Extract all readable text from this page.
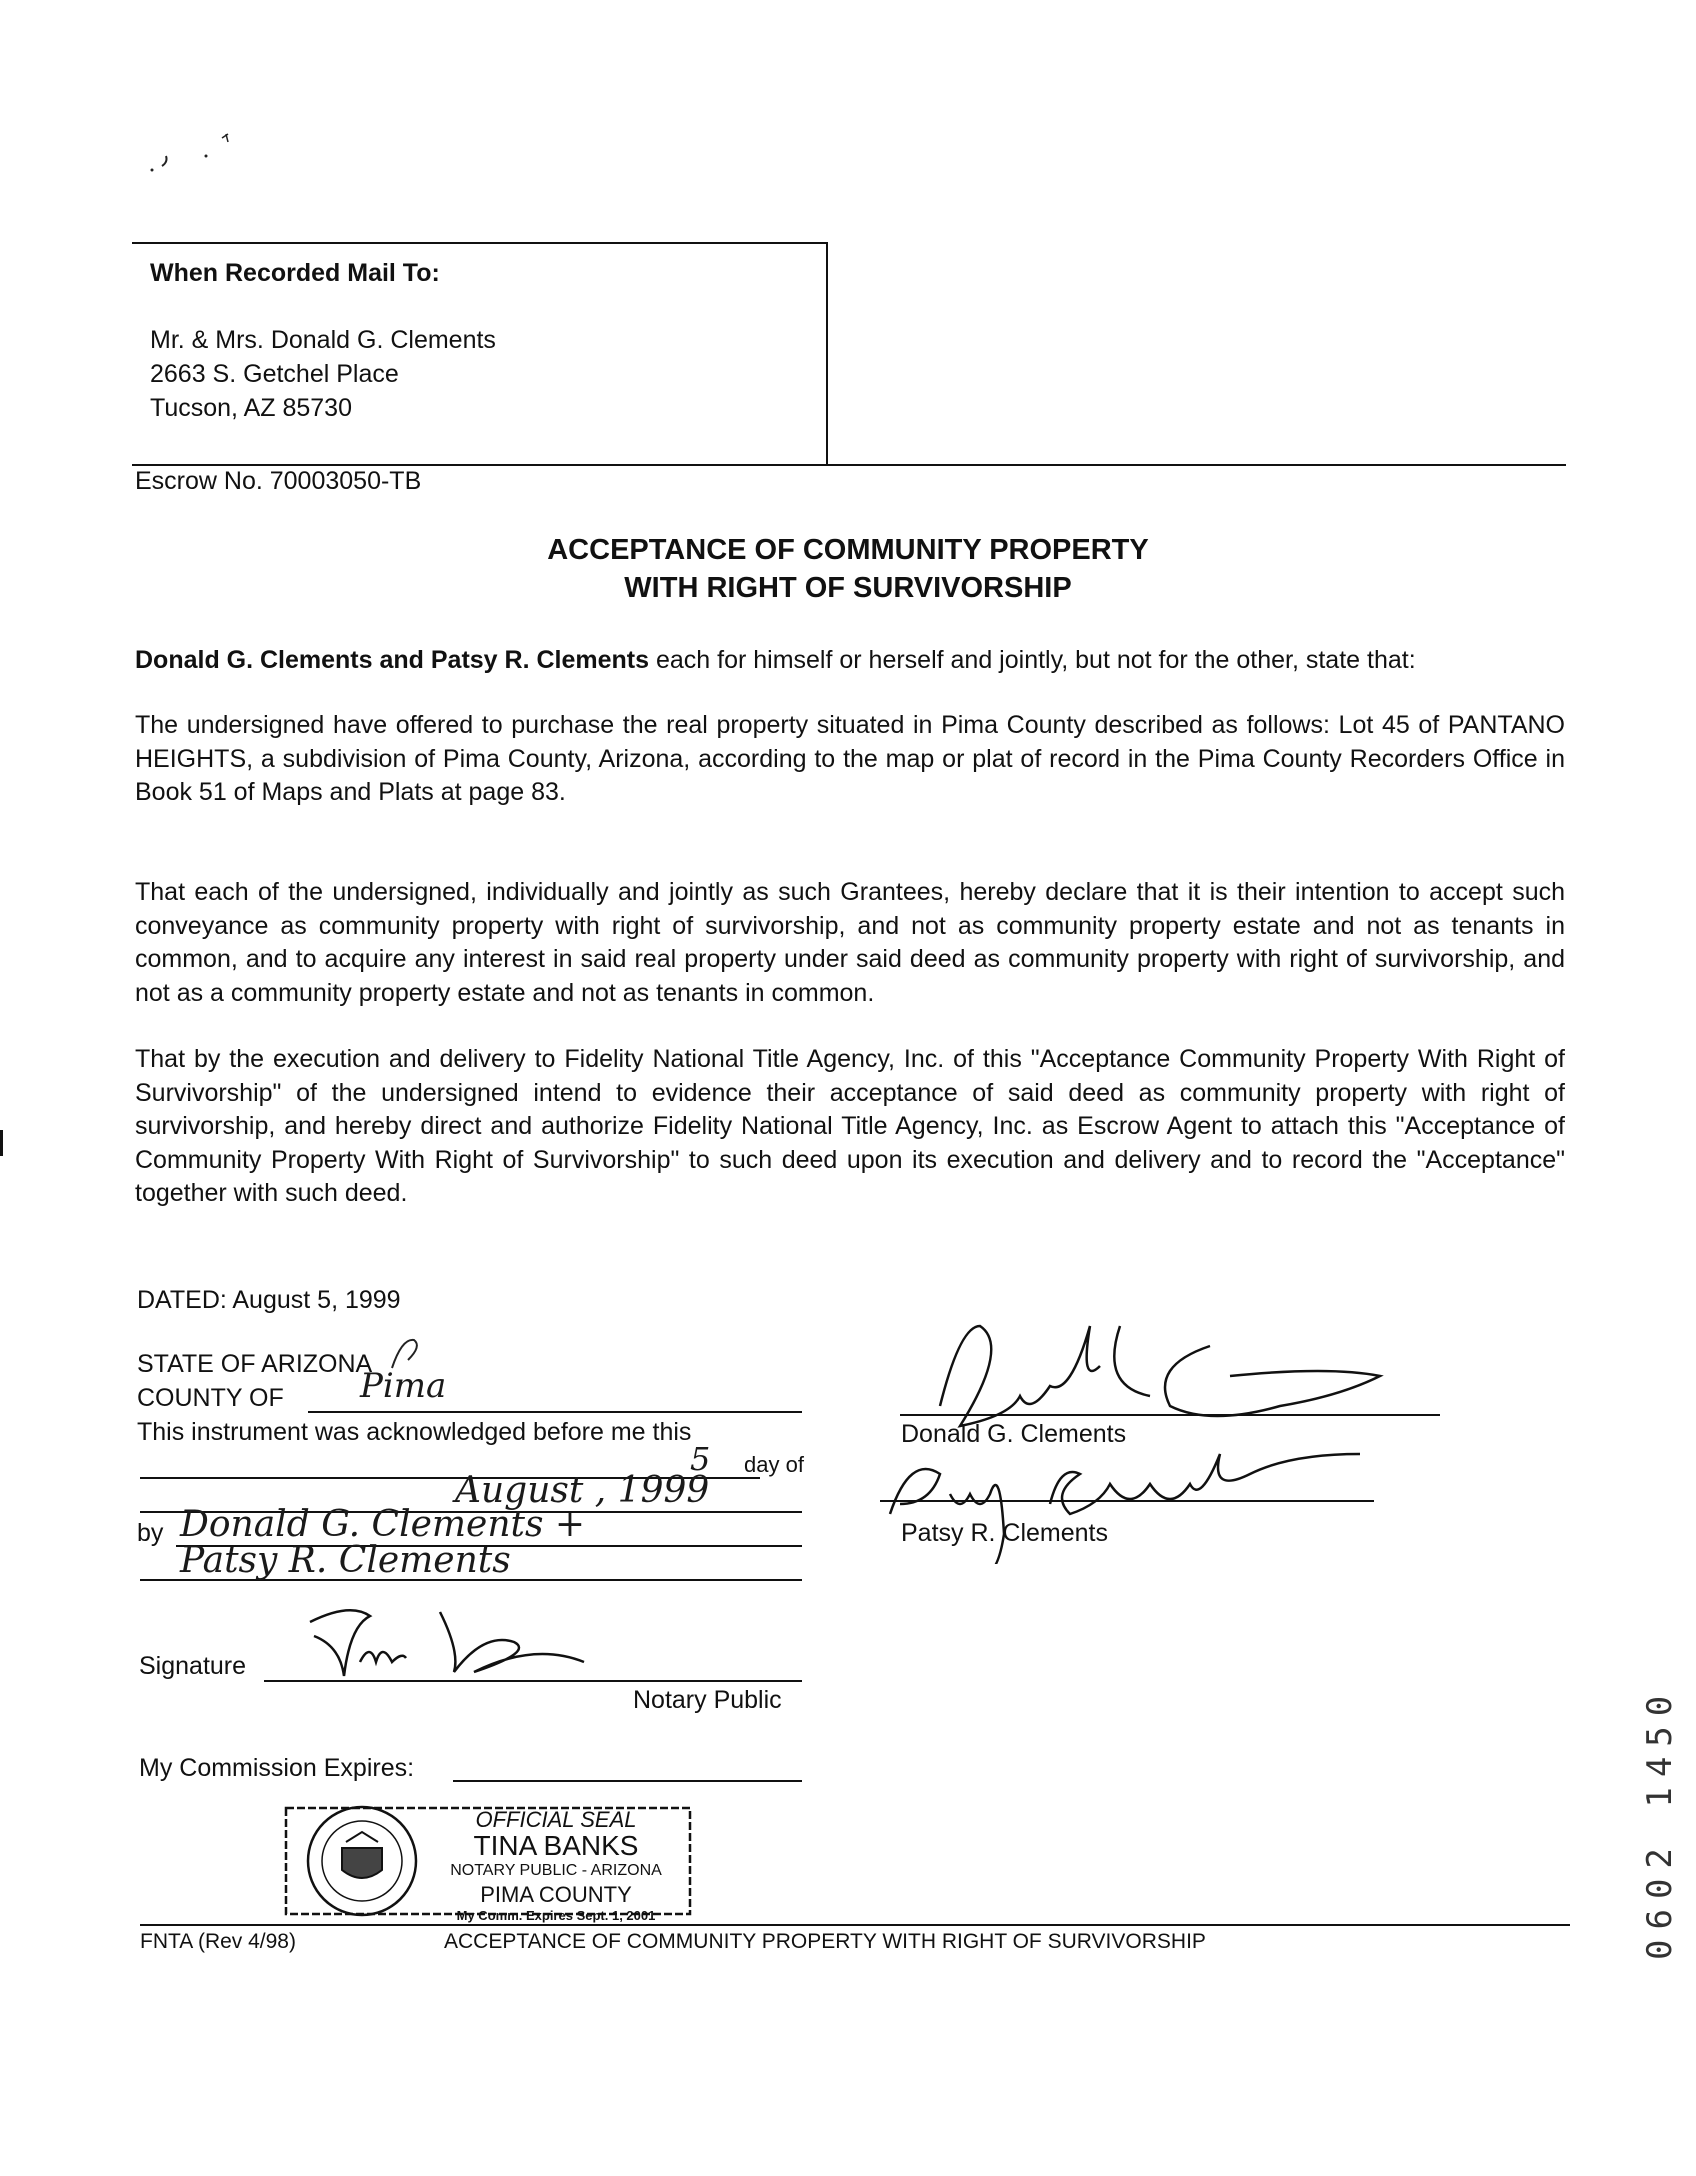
When Recorded Mail To:
Mr. & Mrs. Donald G. Clements
2663 S. Getchel Place
Tucson, AZ 85730
Escrow No. 70003050-TB
ACCEPTANCE OF COMMUNITY PROPERTY
WITH RIGHT OF SURVIVORSHIP
Donald G. Clements and Patsy R. Clements each for himself or herself and jointly, but not for the other, state that:

The undersigned have offered to purchase the real property situated in Pima County described as follows: Lot 45 of PANTANO HEIGHTS, a subdivision of Pima County, Arizona, according to the map or plat of record in the Pima County Recorders Office in Book 51 of Maps and Plats at page 83.

That each of the undersigned, individually and jointly as such Grantees, hereby declare that it is their intention to accept such conveyance as community property with right of survivorship, and not as community property estate and not as tenants in common, and to acquire any interest in said real property under said deed as community property with right of survivorship, and not as a community property estate and not as tenants in common.

That by the execution and delivery to Fidelity National Title Agency, Inc. of this "Acceptance Community Property With Right of Survivorship" of the undersigned intend to evidence their acceptance of said deed as community property with right of survivorship, and hereby direct and authorize Fidelity National Title Agency, Inc. as Escrow Agent to attach this "Acceptance of Community Property With Right of Survivorship" to such deed upon its execution and delivery and to record the "Acceptance" together with such deed.

DATED: August 5, 1999
STATE OF ARIZONA
COUNTY OF Pima
This instrument was acknowledged before me this
5 day of
August , 1999
by Donald G. Clements +
Patsy R. Clements
Signature
Notary Public
My Commission Expires:
Donald G. Clements
Patsy R. Clements
FNTA (Rev 4/98)	ACCEPTANCE OF COMMUNITY PROPERTY WITH RIGHT OF SURVIVORSHIP
OFFICIAL SEAL
TINA BANKS
NOTARY PUBLIC - ARIZONA
PIMA COUNTY
My Comm. Expires Sept. 1, 2001	0602 1450
